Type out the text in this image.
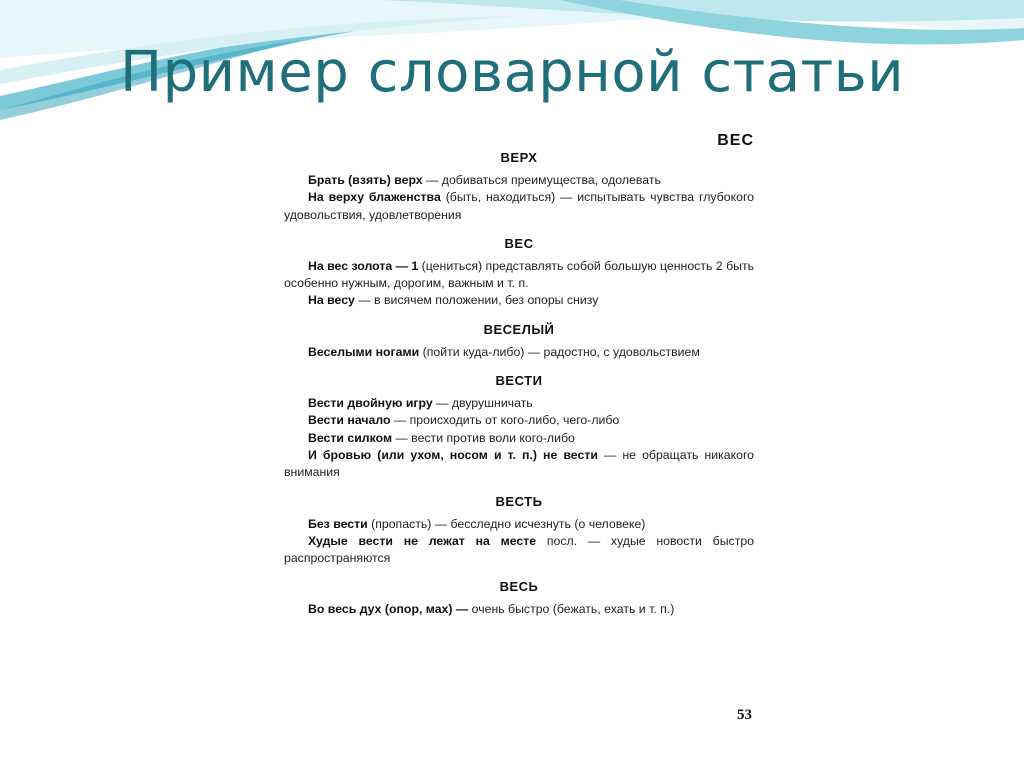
Пример словарной статьи
ВЕС
ВЕРХ

Брать (взять) верх — добиваться преимущества, одолевать

На верху блаженства (быть, находиться) — испытывать чувства глубокого удовольствия, удовлетворения

ВЕС

На вес золота — 1 (цениться) представлять собой большую ценность 2 быть особенно нужным, дорогим, важным и т. п.

На весу — в висячем положении, без опоры снизу

ВЕСЕЛЫЙ

Веселыми ногами (пойти куда-либо) — радостно, с удовольствием

ВЕСТИ

Вести двойную игру — двурушничать

Вести начало — происходить от кого-либо, чего-либо

Вести силком — вести против воли кого-либо

И бровью (или ухом, носом и т. п.) не вести — не обращать никакого внимания

ВЕСТЬ

Без вести (пропасть) — бесследно исчезнуть (о человеке)

Худые вести не лежат на месте посл. — худые новости быстро распространяются

ВЕСЬ

Во весь дух (опор, мах) — очень быстро (бежать, ехать и т. п.)

53
